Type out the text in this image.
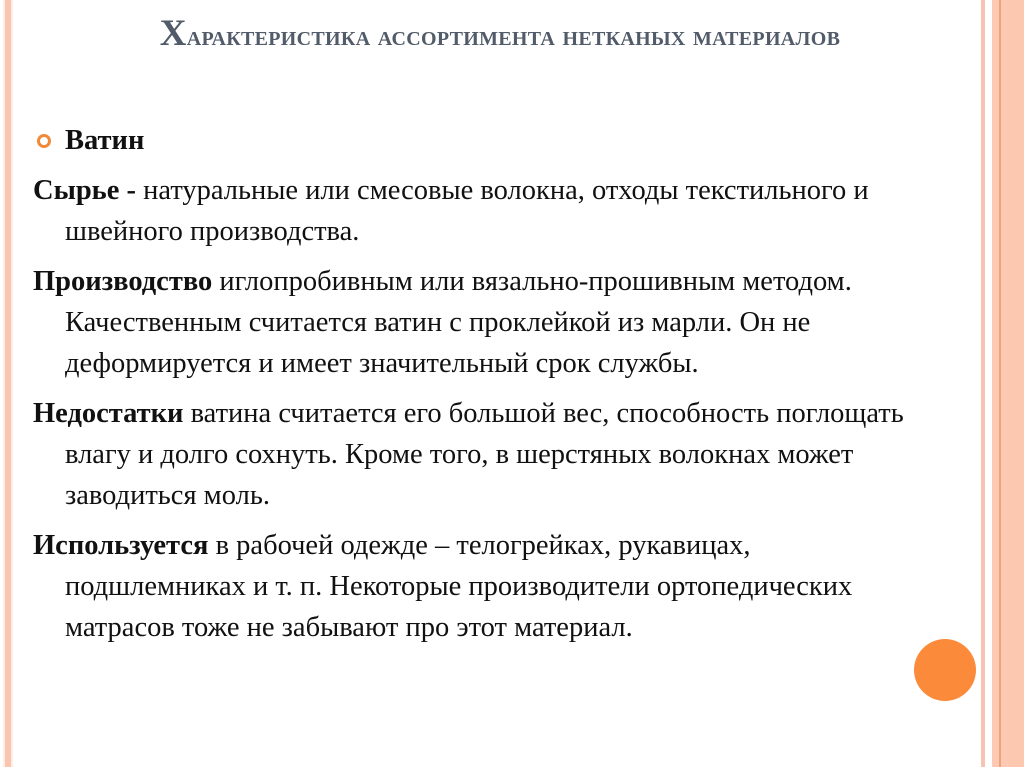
Характеристика ассортимента нетканых материалов
Ватин
Сырье - натуральные или смесовые волокна, отходы текстильного и швейного производства.
Производство иглопробивным или вязально-прошивным методом. Качественным считается ватин с проклейкой из марли. Он не деформируется и имеет значительный срок службы.
Недостатки ватина считается его большой вес, способность поглощать влагу и долго сохнуть. Кроме того, в шерстяных волокнах может заводиться моль.
Используется в рабочей одежде – телогрейках, рукавицах, подшлемниках и т. п. Некоторые производители ортопедических матрасов тоже не забывают про этот материал.
